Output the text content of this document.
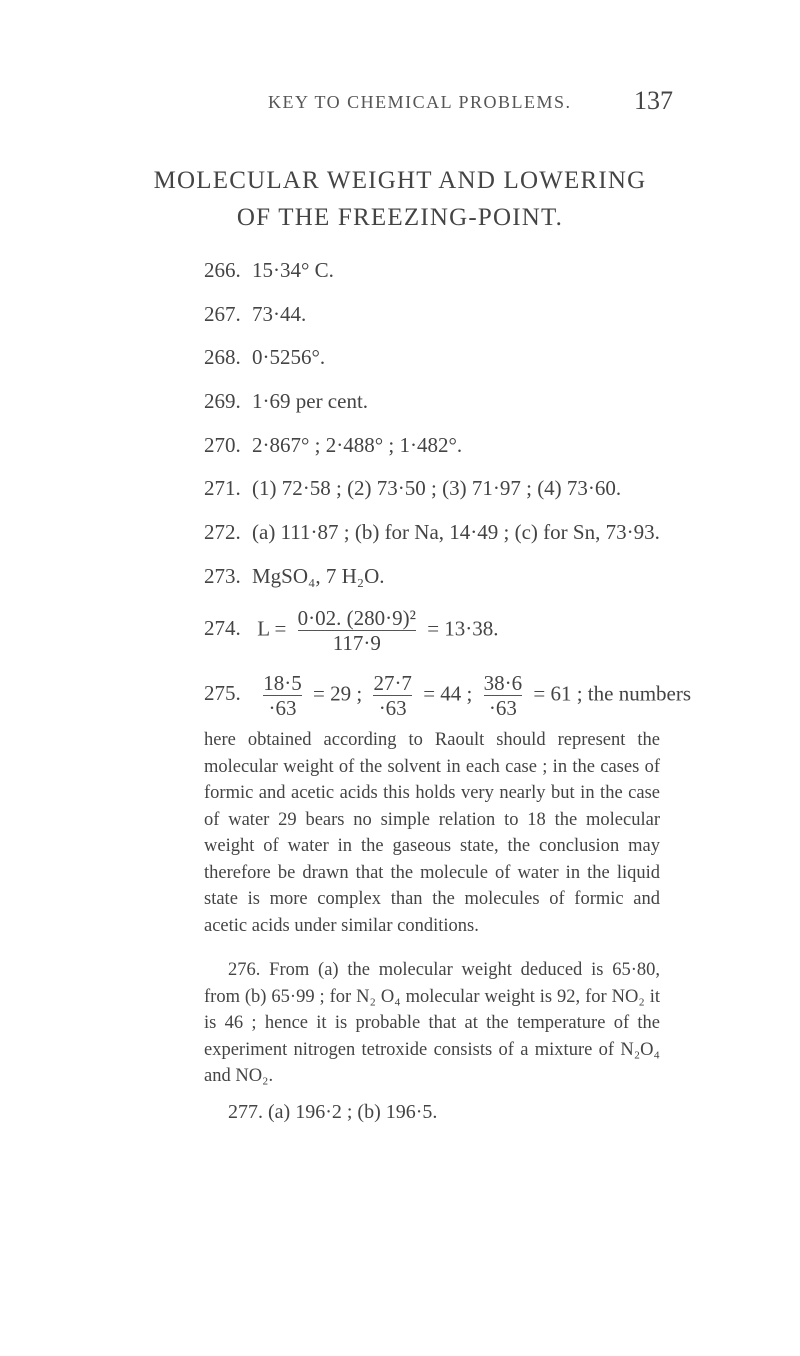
KEY TO CHEMICAL PROBLEMS. 137
MOLECULAR WEIGHT AND LOWERING
OF THE FREEZING-POINT.
266. 15·34° C.
267. 73·44.
268. 0·5256°.
269. 1·69 per cent.
270. 2·867° ; 2·488° ; 1·482°.
271. (1) 72·58 ; (2) 73·50 ; (3) 71·97 ; (4) 73·60.
272. (a) 111·87 ; (b) for Na, 14·49 ; (c) for Sn, 73·93.
273. MgSO₄, 7 H₂O.
274. $L = \frac{\text{0·02. (280·9)²}}{117\cdot 9} = 13\cdot 38$.
275. $\frac{18\cdot 5}{\cdot 63} = 29$ ; $\frac{27\cdot 7}{\cdot 63} = 44$ ; $\frac{38\cdot 6}{\cdot 63} = 61$ ; the numbers
here obtained according to Raoult should represent the molecular weight of the solvent in each case ; in the cases of formic and acetic acids this holds very nearly but in the case of water 29 bears no simple relation to 18 the molecular weight of water in the gaseous state, the conclusion may therefore be drawn that the molecule of water in the liquid state is more complex than the molecules of formic and acetic acids under similar conditions.
276. From (a) the molecular weight deduced is 65·80, from (b) 65·99 ; for N₂ O₄ molecular weight is 92, for NO₂ it is 46 ; hence it is probable that at the temperature of the experiment nitrogen tetroxide consists of a mixture of N₂O₄ and NO₂.
277. (a) 196·2 ; (b) 196·5.
